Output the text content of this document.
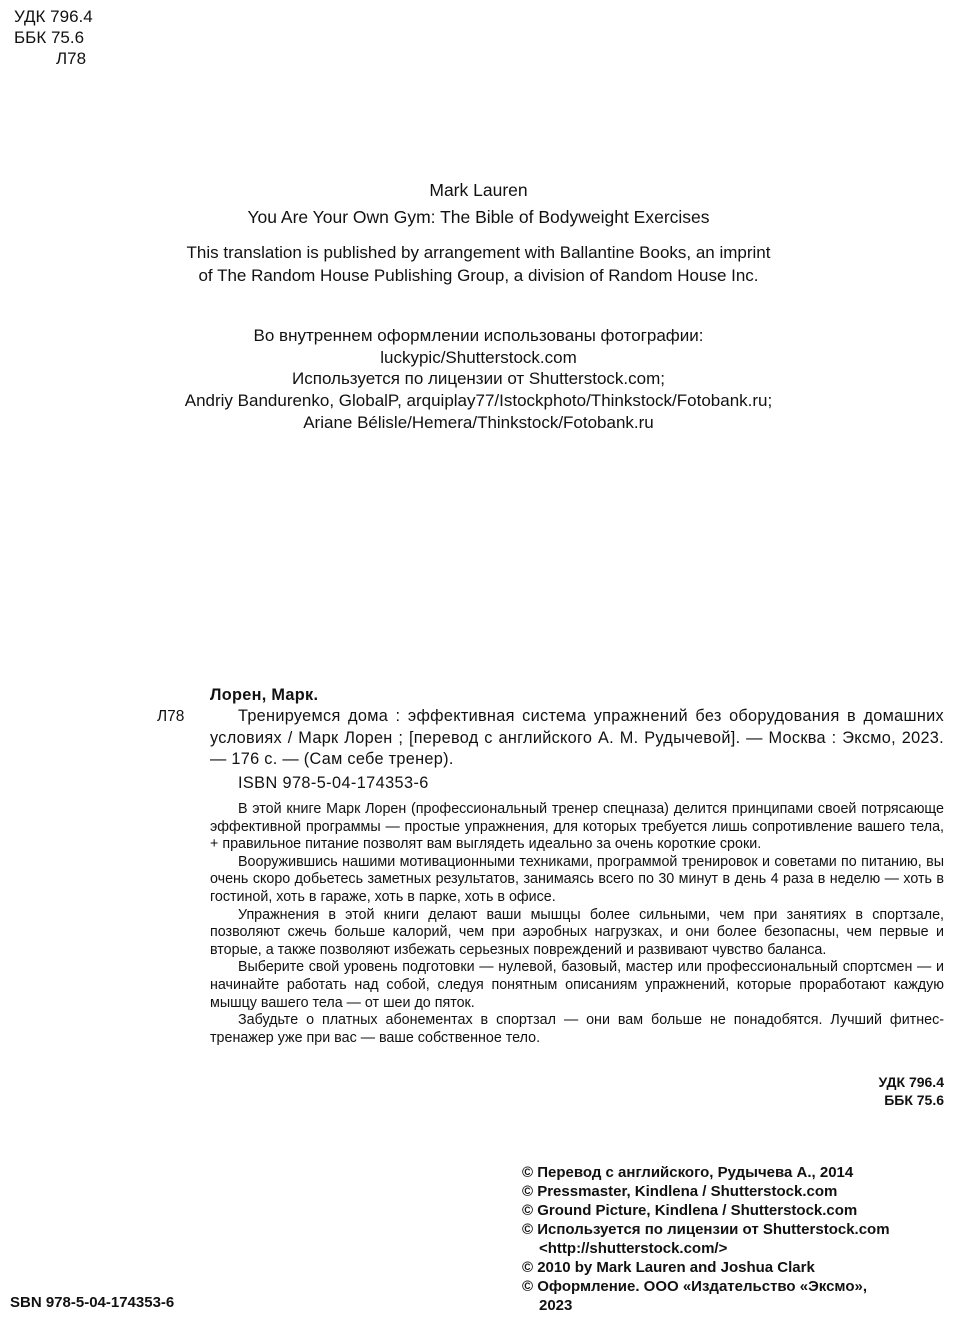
УДК 796.4
ББК 75.6
Л78
Mark Lauren
You Are Your Own Gym: The Bible of Bodyweight Exercises
This translation is published by arrangement with Ballantine Books, an imprint
of The Random House Publishing Group, a division of Random House Inc.
Во внутреннем оформлении использованы фотографии:
luckypic/Shutterstock.com
Используется по лицензии от Shutterstock.com;
Andriy Bandurenko, GlobalP, arquiplay77/Istockphoto/Thinkstock/Fotobank.ru;
Ariane Bélisle/Hemera/Thinkstock/Fotobank.ru
Л78
Лорен, Марк.
Тренируемся дома : эффективная система упражнений без оборудования в домашних условиях / Марк Лорен ; [перевод с английского А. М. Рудычевой]. — Москва : Эксмо, 2023. — 176 с. — (Сам себе тренер).
ISBN 978-5-04-174353-6

В этой книге Марк Лорен (профессиональный тренер спецназа) делится принципами своей потрясающе эффективной программы — простые упражнения, для которых требуется лишь сопротивление вашего тела, + правильное питание позволят вам выглядеть идеально за очень короткие сроки.

Вооружившись нашими мотивационными техниками, программой тренировок и советами по питанию, вы очень скоро добьетесь заметных результатов, занимаясь всего по 30 минут в день 4 раза в неделю — хоть в гостиной, хоть в гараже, хоть в парке, хоть в офисе.

Упражнения в этой книги делают ваши мышцы более сильными, чем при занятиях в спортзале, позволяют сжечь больше калорий, чем при аэробных нагрузках, и они более безопасны, чем первые и вторые, а также позволяют избежать серьезных повреждений и развивают чувство баланса.

Выберите свой уровень подготовки — нулевой, базовый, мастер или профессиональный спортсмен — и начинайте работать над собой, следуя понятным описаниям упражнений, которые проработают каждую мышцу вашего тела — от шеи до пяток.

Забудьте о платных абонементах в спортзал — они вам больше не понадобятся. Лучший фитнес-тренажер уже при вас — ваше собственное тело.

УДК 796.4
ББК 75.6
© Перевод с английского, Рудычева А., 2014
© Pressmaster, Kindlena / Shutterstock.com
© Ground Picture, Kindlena / Shutterstock.com
© Используется по лицензии от Shutterstock.com
<http://shutterstock.com/>
© 2010 by Mark Lauren and Joshua Clark
© Оформление. ООО «Издательство «Эксмо»,
2023
SBN 978-5-04-174353-6
